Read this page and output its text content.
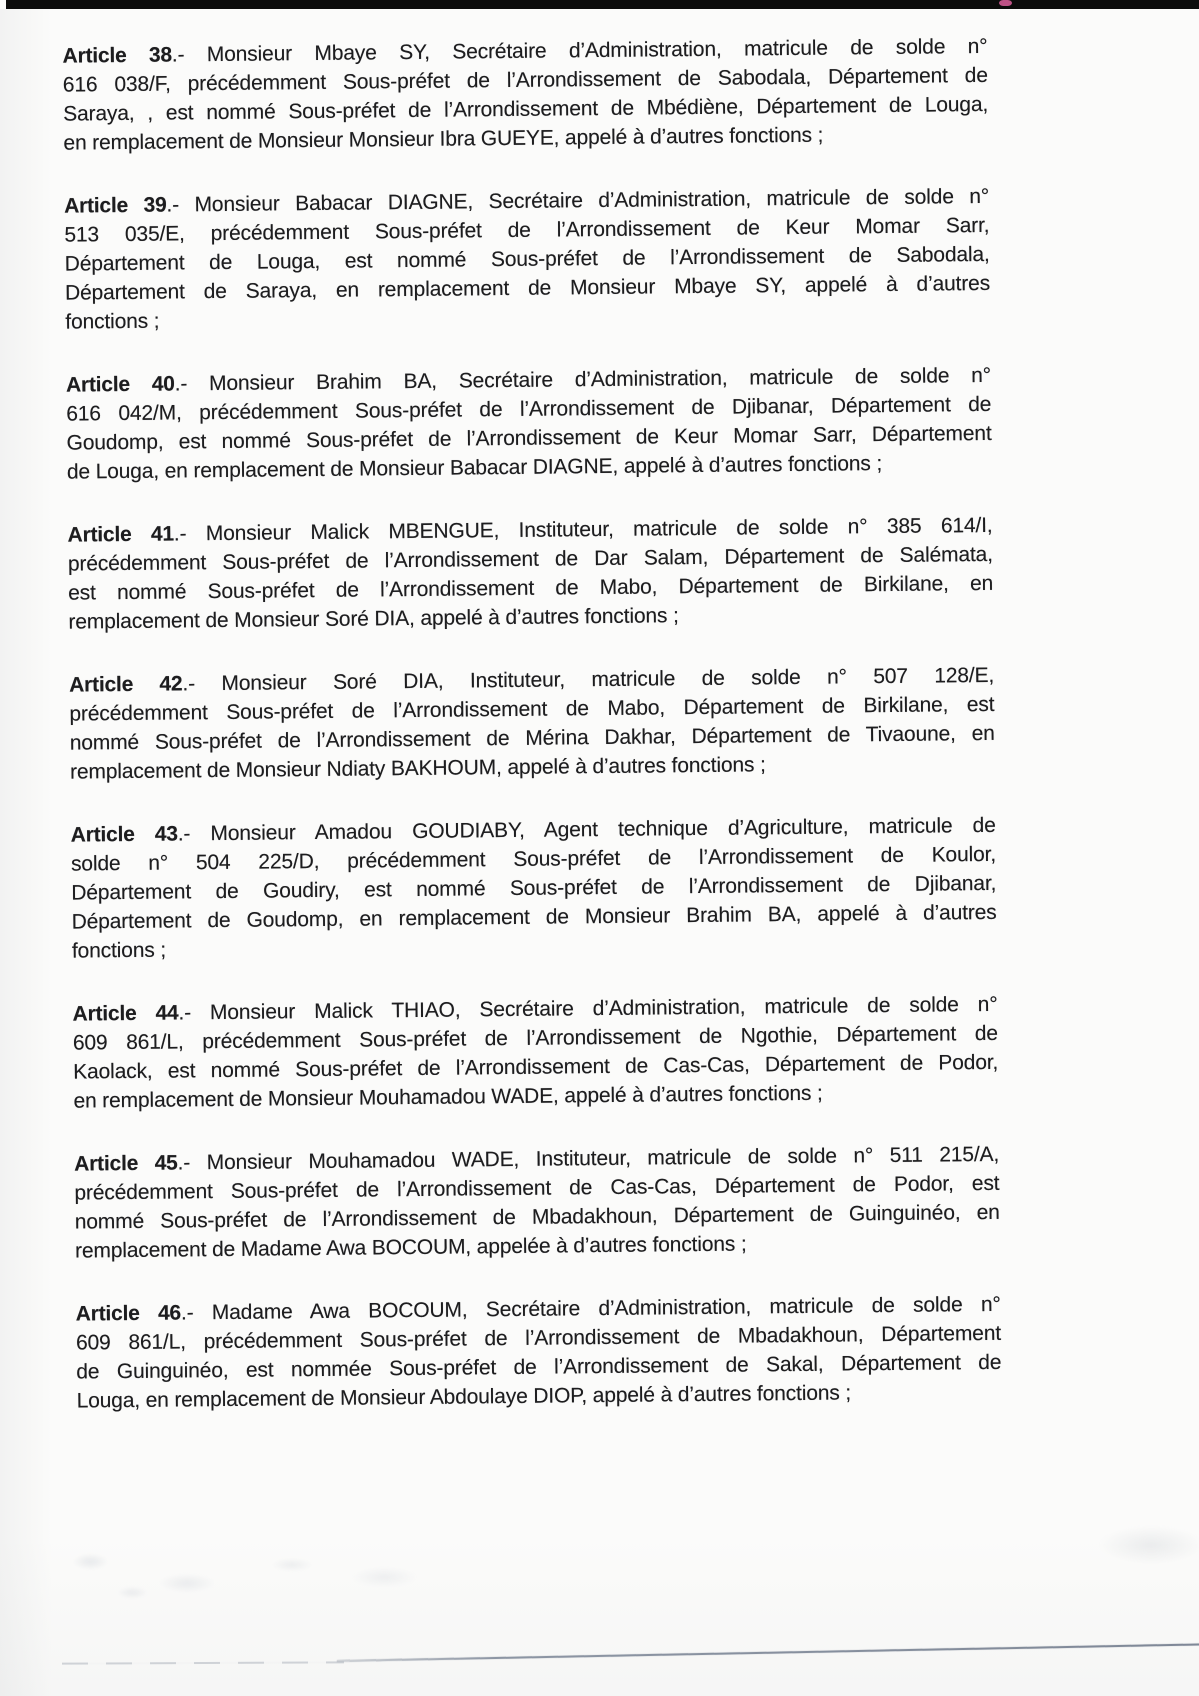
Article 38.- Monsieur Mbaye SY, Secrétaire d’Administration, matricule de solde n°
616 038/F, précédemment Sous-préfet de l’Arrondissement de Sabodala, Département de
Saraya, , est nommé Sous-préfet de l’Arrondissement de Mbédiène, Département de Louga,
en remplacement de Monsieur Monsieur Ibra GUEYE, appelé à d’autres fonctions ;
Article 39.- Monsieur Babacar DIAGNE, Secrétaire d’Administration, matricule de solde n°
513 035/E, précédemment Sous-préfet de l’Arrondissement de Keur Momar Sarr,
Département de Louga, est nommé Sous-préfet de l’Arrondissement de Sabodala,
Département de Saraya, en remplacement de Monsieur Mbaye SY, appelé à d’autres
fonctions ;
Article 40.- Monsieur Brahim BA, Secrétaire d’Administration, matricule de solde n°
616 042/M, précédemment Sous-préfet de l’Arrondissement de Djibanar, Département de
Goudomp, est nommé Sous-préfet de l’Arrondissement de Keur Momar Sarr, Département
de Louga, en remplacement de Monsieur Babacar DIAGNE, appelé à d’autres fonctions ;
Article 41.- Monsieur Malick MBENGUE, Instituteur, matricule de solde n° 385 614/I,
précédemment Sous-préfet de l’Arrondissement de Dar Salam, Département de Salémata,
est nommé Sous-préfet de l’Arrondissement de Mabo, Département de Birkilane, en
remplacement de Monsieur Soré DIA, appelé à d’autres fonctions ;
Article 42.- Monsieur Soré DIA, Instituteur, matricule de solde n° 507 128/E,
précédemment Sous-préfet de l’Arrondissement de Mabo, Département de Birkilane, est
nommé Sous-préfet de l’Arrondissement de Mérina Dakhar, Département de Tivaoune, en
remplacement de Monsieur Ndiaty BAKHOUM, appelé à d’autres fonctions ;
Article 43.- Monsieur Amadou GOUDIABY, Agent technique d’Agriculture, matricule de
solde n° 504 225/D, précédemment Sous-préfet de l’Arrondissement de Koulor,
Département de Goudiry, est nommé Sous-préfet de l’Arrondissement de Djibanar,
Département de Goudomp, en remplacement de Monsieur Brahim BA, appelé à d’autres
fonctions ;
Article 44.- Monsieur Malick THIAO, Secrétaire d’Administration, matricule de solde n°
609 861/L, précédemment Sous-préfet de l’Arrondissement de Ngothie, Département de
Kaolack, est nommé Sous-préfet de l’Arrondissement de Cas-Cas, Département de Podor,
en remplacement de Monsieur Mouhamadou WADE, appelé à d’autres fonctions ;
Article 45.- Monsieur Mouhamadou WADE, Instituteur, matricule de solde n° 511 215/A,
précédemment Sous-préfet de l’Arrondissement de Cas-Cas, Département de Podor, est
nommé Sous-préfet de l’Arrondissement de Mbadakhoun, Département de Guinguinéo, en
remplacement de Madame Awa BOCOUM, appelée à d’autres fonctions ;
Article 46.- Madame Awa BOCOUM, Secrétaire d’Administration, matricule de solde n°
609 861/L, précédemment Sous-préfet de l’Arrondissement de Mbadakhoun, Département
de Guinguinéo, est nommée Sous-préfet de l’Arrondissement de Sakal, Département de
Louga, en remplacement de Monsieur Abdoulaye DIOP, appelé à d’autres fonctions ;
